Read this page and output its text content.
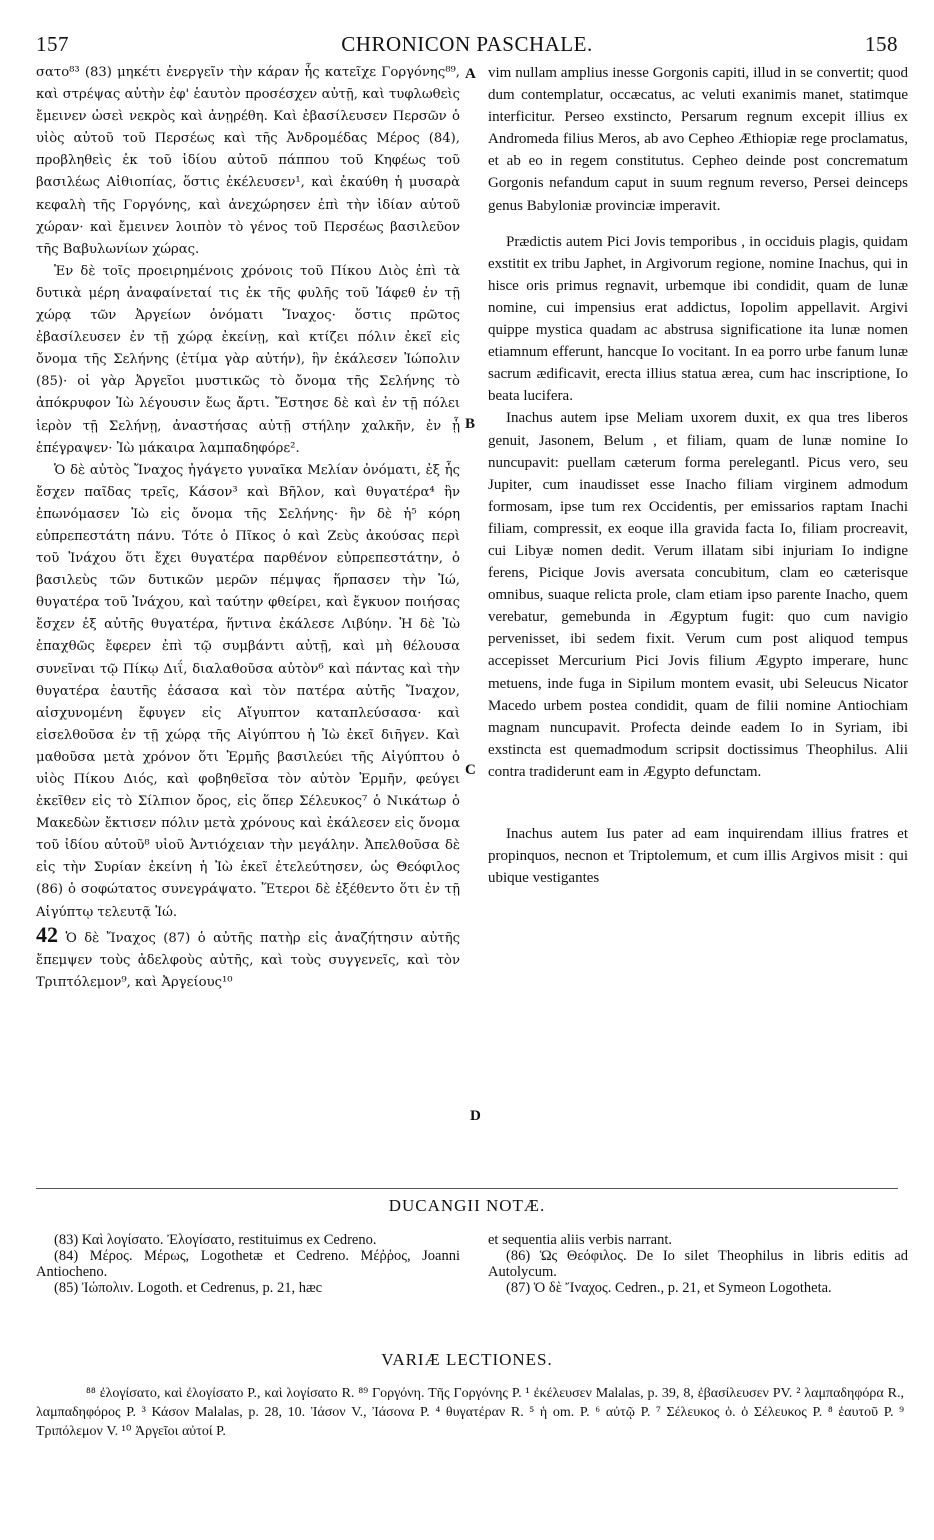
157	CHRONICON PASCHALE.	158

σατο⁸³ (83) μηκέτι ἐνεργεῖν τὴν κάραν ἧς κατεῖχε Γοργόνης⁸⁹, καὶ στρέψας αὐτὴν ἐφ' ἑαυτὸν προσέσχεν αὐτῇ, καὶ τυφλωθεὶς ἔμεινεν ὡσεὶ νεκρὸς καὶ ἀνῃρέθη. Καὶ ἐβασίλευσεν Περσῶν ὁ υἱὸς αὐτοῦ τοῦ Περσέως καὶ τῆς Ἀνδρομέδας Μέρος (84), προβληθεὶς ἐκ τοῦ ἰδίου αὐτοῦ πάππου τοῦ Κηφέως τοῦ βασιλέως Αἰθιοπίας, ὅστις ἐκέλευσεν¹, καὶ ἐκαύθη ἡ μυσαρὰ κεφαλὴ τῆς Γοργόνης, καὶ ἀνεχώρησεν ἐπὶ τὴν ἰδίαν αὐτοῦ χώραν· καὶ ἔμεινεν λοιπὸν τὸ γένος τοῦ Περσέως βασιλεῦον τῆς Βαβυλωνίων χώρας.

Ἐν δὲ τοῖς προειρημένοις χρόνοις τοῦ Πίκου Διὸς ἐπὶ τὰ δυτικὰ μέρη ἀναφαίνεταί τις ἐκ τῆς φυλῆς τοῦ Ἰάφεθ ἐν τῇ χώρᾳ τῶν Ἀργείων ὀνόματι Ἴναχος· ὅστις πρῶτος ἐβασίλευσεν ἐν τῇ χώρᾳ ἐκείνῃ, καὶ κτίζει πόλιν ἐκεῖ εἰς ὄνομα τῆς Σελήνης (ἐτίμα γὰρ αὐτήν), ἣν ἐκάλεσεν Ἰώπολιν (85)· οἱ γὰρ Ἀργεῖοι μυστικῶς τὸ ὄνομα τῆς Σελήνης τὸ ἀπόκρυφον Ἰὼ λέγουσιν ἕως ἄρτι. Ἔστησε δὲ καὶ ἐν τῇ πόλει ἱερὸν τῇ Σελήνῃ, ἀναστήσας αὐτῇ στήλην χαλκῆν, ἐν ᾗ ἐπέγραψεν· Ἰὼ μάκαιρα λαμπαδηφόρε².

Ὁ δὲ αὐτὸς Ἴναχος ἠγάγετο γυναῖκα Μελίαν ὀνόματι, ἐξ ἧς ἔσχεν παῖδας τρεῖς, Κάσον³ καὶ Βῆλον, καὶ θυγατέρα⁴ ἣν ἐπωνόμασεν Ἰὼ εἰς ὄνομα τῆς Σελήνης· ἣν δὲ ἡ⁵ κόρη εὐπρεπεστάτη πάνυ. Τότε ὁ Πῖκος ὁ καὶ Ζεὺς ἀκούσας περὶ τοῦ Ἰνάχου ὅτι ἔχει θυγατέρα παρθένον εὐπρεπεστάτην, ὁ βασιλεὺς τῶν δυτικῶν μερῶν πέμψας ἥρπασεν τὴν Ἰώ, θυγατέρα τοῦ Ἰνάχου, καὶ ταύτην φθείρει, καὶ ἔγκυον ποιήσας ἔσχεν ἐξ αὐτῆς θυγατέρα, ἥντινα ἐκάλεσε Λιβύην. Ἡ δὲ Ἰὼ ἐπαχθῶς ἔφερεν ἐπὶ τῷ συμβάντι αὐτῇ, καὶ μὴ θέλουσα συνεῖναι τῷ Πίκῳ Διΐ, διαλαθοῦσα αὐτὸν⁶ καὶ πάντας καὶ τὴν θυγατέρα ἑαυτῆς ἐάσασα καὶ τὸν πατέρα αὐτῆς Ἴναχον, αἰσχυνομένη ἔφυγεν εἰς Αἴγυπτον καταπλεύσασα· καὶ εἰσελθοῦσα ἐν τῇ χώρᾳ τῆς Αἰγύπτου ἡ Ἰὼ ἐκεῖ διῆγεν. Καὶ μαθοῦσα μετὰ χρόνον ὅτι Ἑρμῆς βασιλεύει τῆς Αἰγύπτου ὁ υἱὸς Πίκου Διός, καὶ φοβηθεῖσα τὸν αὐτὸν Ἑρμῆν, φεύγει ἐκεῖθεν εἰς τὸ Σίλπιον ὄρος, εἰς ὅπερ Σέλευκος⁷ ὁ Νικάτωρ ὁ Μακεδὼν ἔκτισεν πόλιν μετὰ χρόνους καὶ ἐκάλεσεν εἰς ὄνομα τοῦ ἰδίου αὐτοῦ⁸ υἱοῦ Ἀντιόχειαν τὴν μεγάλην. Ἀπελθοῦσα δὲ εἰς τὴν Συρίαν ἐκείνη ἡ Ἰὼ ἐκεῖ ἐτελεύτησεν, ὡς Θεόφιλος (86) ὁ σοφώτατος συνεγράψατο. Ἕτεροι δὲ ἐξέθεντο ὅτι ἐν τῇ Αἰγύπτῳ τελευτᾷ Ἰώ.

42 Ὁ δὲ Ἴναχος (87) ὁ αὐτῆς πατὴρ εἰς ἀναζήτησιν αὐτῆς ἔπεμψεν τοὺς ἀδελφοὺς αὐτῆς, καὶ τοὺς συγγενεῖς, καὶ τὸν Τριπτόλεμον⁹, καὶ Ἀργείους¹⁰

A
B
C
D

vim nullam amplius inesse Gorgonis capiti, illud in se convertit; quod dum contemplatur, occæcatus, ac veluti exanimis manet, statimque interficitur. Perseo exstincto, Persarum regnum excepit illius ex Andromeda filius Meros, ab avo Cepheo Æthiopiæ rege proclamatus, et ab eo in regem constitutus. Cepheo deinde post concrematum Gorgonis nefandum caput in suum regnum reverso, Persei deinceps genus Babyloniæ provinciæ imperavit.

Prædictis autem Pici Jovis temporibus , in occiduis plagis, quidam exstitit ex tribu Japhet, in Argivorum regione, nomine Inachus, qui in hisce oris primus regnavit, urbemque ibi condidit, quam de lunæ nomine, cui impensius erat addictus, Iopolim appellavit. Argivi quippe mystica quadam ac abstrusa significatione ita lunæ nomen etiamnum efferunt, hancque Io vocitant. In ea porro urbe fanum lunæ sacrum ædificavit, erecta illius statua ærea, cum hac inscriptione, Io beata lucifera.

Inachus autem ipse Meliam uxorem duxit, ex qua tres liberos genuit, Jasonem, Belum , et filiam, quam de lunæ nomine Io nuncupavit: puellam cæterum forma perelegantl. Picus vero, seu Jupiter, cum inaudisset esse Inacho filiam virginem admodum formosam, ipse tum rex Occidentis, per emissarios raptam Inachi filiam, compressit, ex eoque illa gravida facta Io, filiam procreavit, cui Libyæ nomen dedit. Verum illatam sibi injuriam Io indigne ferens, Picique Jovis aversata concubitum, clam eo cæterisque omnibus, suaque relicta prole, clam etiam ipso parente Inacho, quem verebatur, gemebunda in Ægyptum fugit: quo cum navigio pervenisset, ibi sedem fixit. Verum cum post aliquod tempus accepisset Mercurium Pici Jovis filium Ægypto imperare, hunc metuens, inde fuga in Sipilum montem evasit, ubi Seleucus Nicator Macedo urbem postea condidit, quam de filii nomine Antiochiam magnam nuncupavit. Profecta deinde eadem Io in Syriam, ibi exstincta est quemadmodum scripsit doctissimus Theophilus. Alii contra tradiderunt eam in Ægypto defunctam.

Inachus autem Ius pater ad eam inquirendam illius fratres et propinquos, necnon et Triptolemum, et cum illis Argivos misit : qui ubique vestigantes

DUCANGII NOTÆ.

(83) Καὶ λογίσατο. Ἐλογίσατο, restituimus ex Cedreno.

(84) Μέρος. Μέρως, Logothetæ et Cedreno. Μέῤῥος, Joanni Antiocheno.

(85) Ἰώπολιν. Logoth. et Cedrenus, p. 21, hæc

et sequentia aliis verbis narrant.

(86) Ὡς Θεόφιλος. De Io silet Theophilus in libris editis ad Autolycum.

(87) Ὁ δὲ Ἴναχος. Cedren., p. 21, et Symeon Logotheta.

VARIÆ LECTIONES.

⁸⁸ ἐλογίσατο, καὶ ἐλογίσατο P., καὶ λογίσατο R. ⁸⁹ Γοργόνη. Τῆς Γοργόνης P. ¹ ἐκέλευσεν Malalas, p. 39, 8, ἐβασίλευσεν PV. ² λαμπαδηφόρα R., λαμπαδηφόρος P. ³ Κάσον Malalas, p. 28, 10. Ἰάσον V., Ἰάσονα P. ⁴ θυγατέραν R. ⁵ ἡ om. P. ⁶ αὐτῷ P. ⁷ Σέλευκος ὁ. ὁ Σέλευκος P. ⁸ ἑαυτοῦ P. ⁹ Τριπόλεμον V. ¹⁰ Ἀργεῖοι αὐτοί P.
